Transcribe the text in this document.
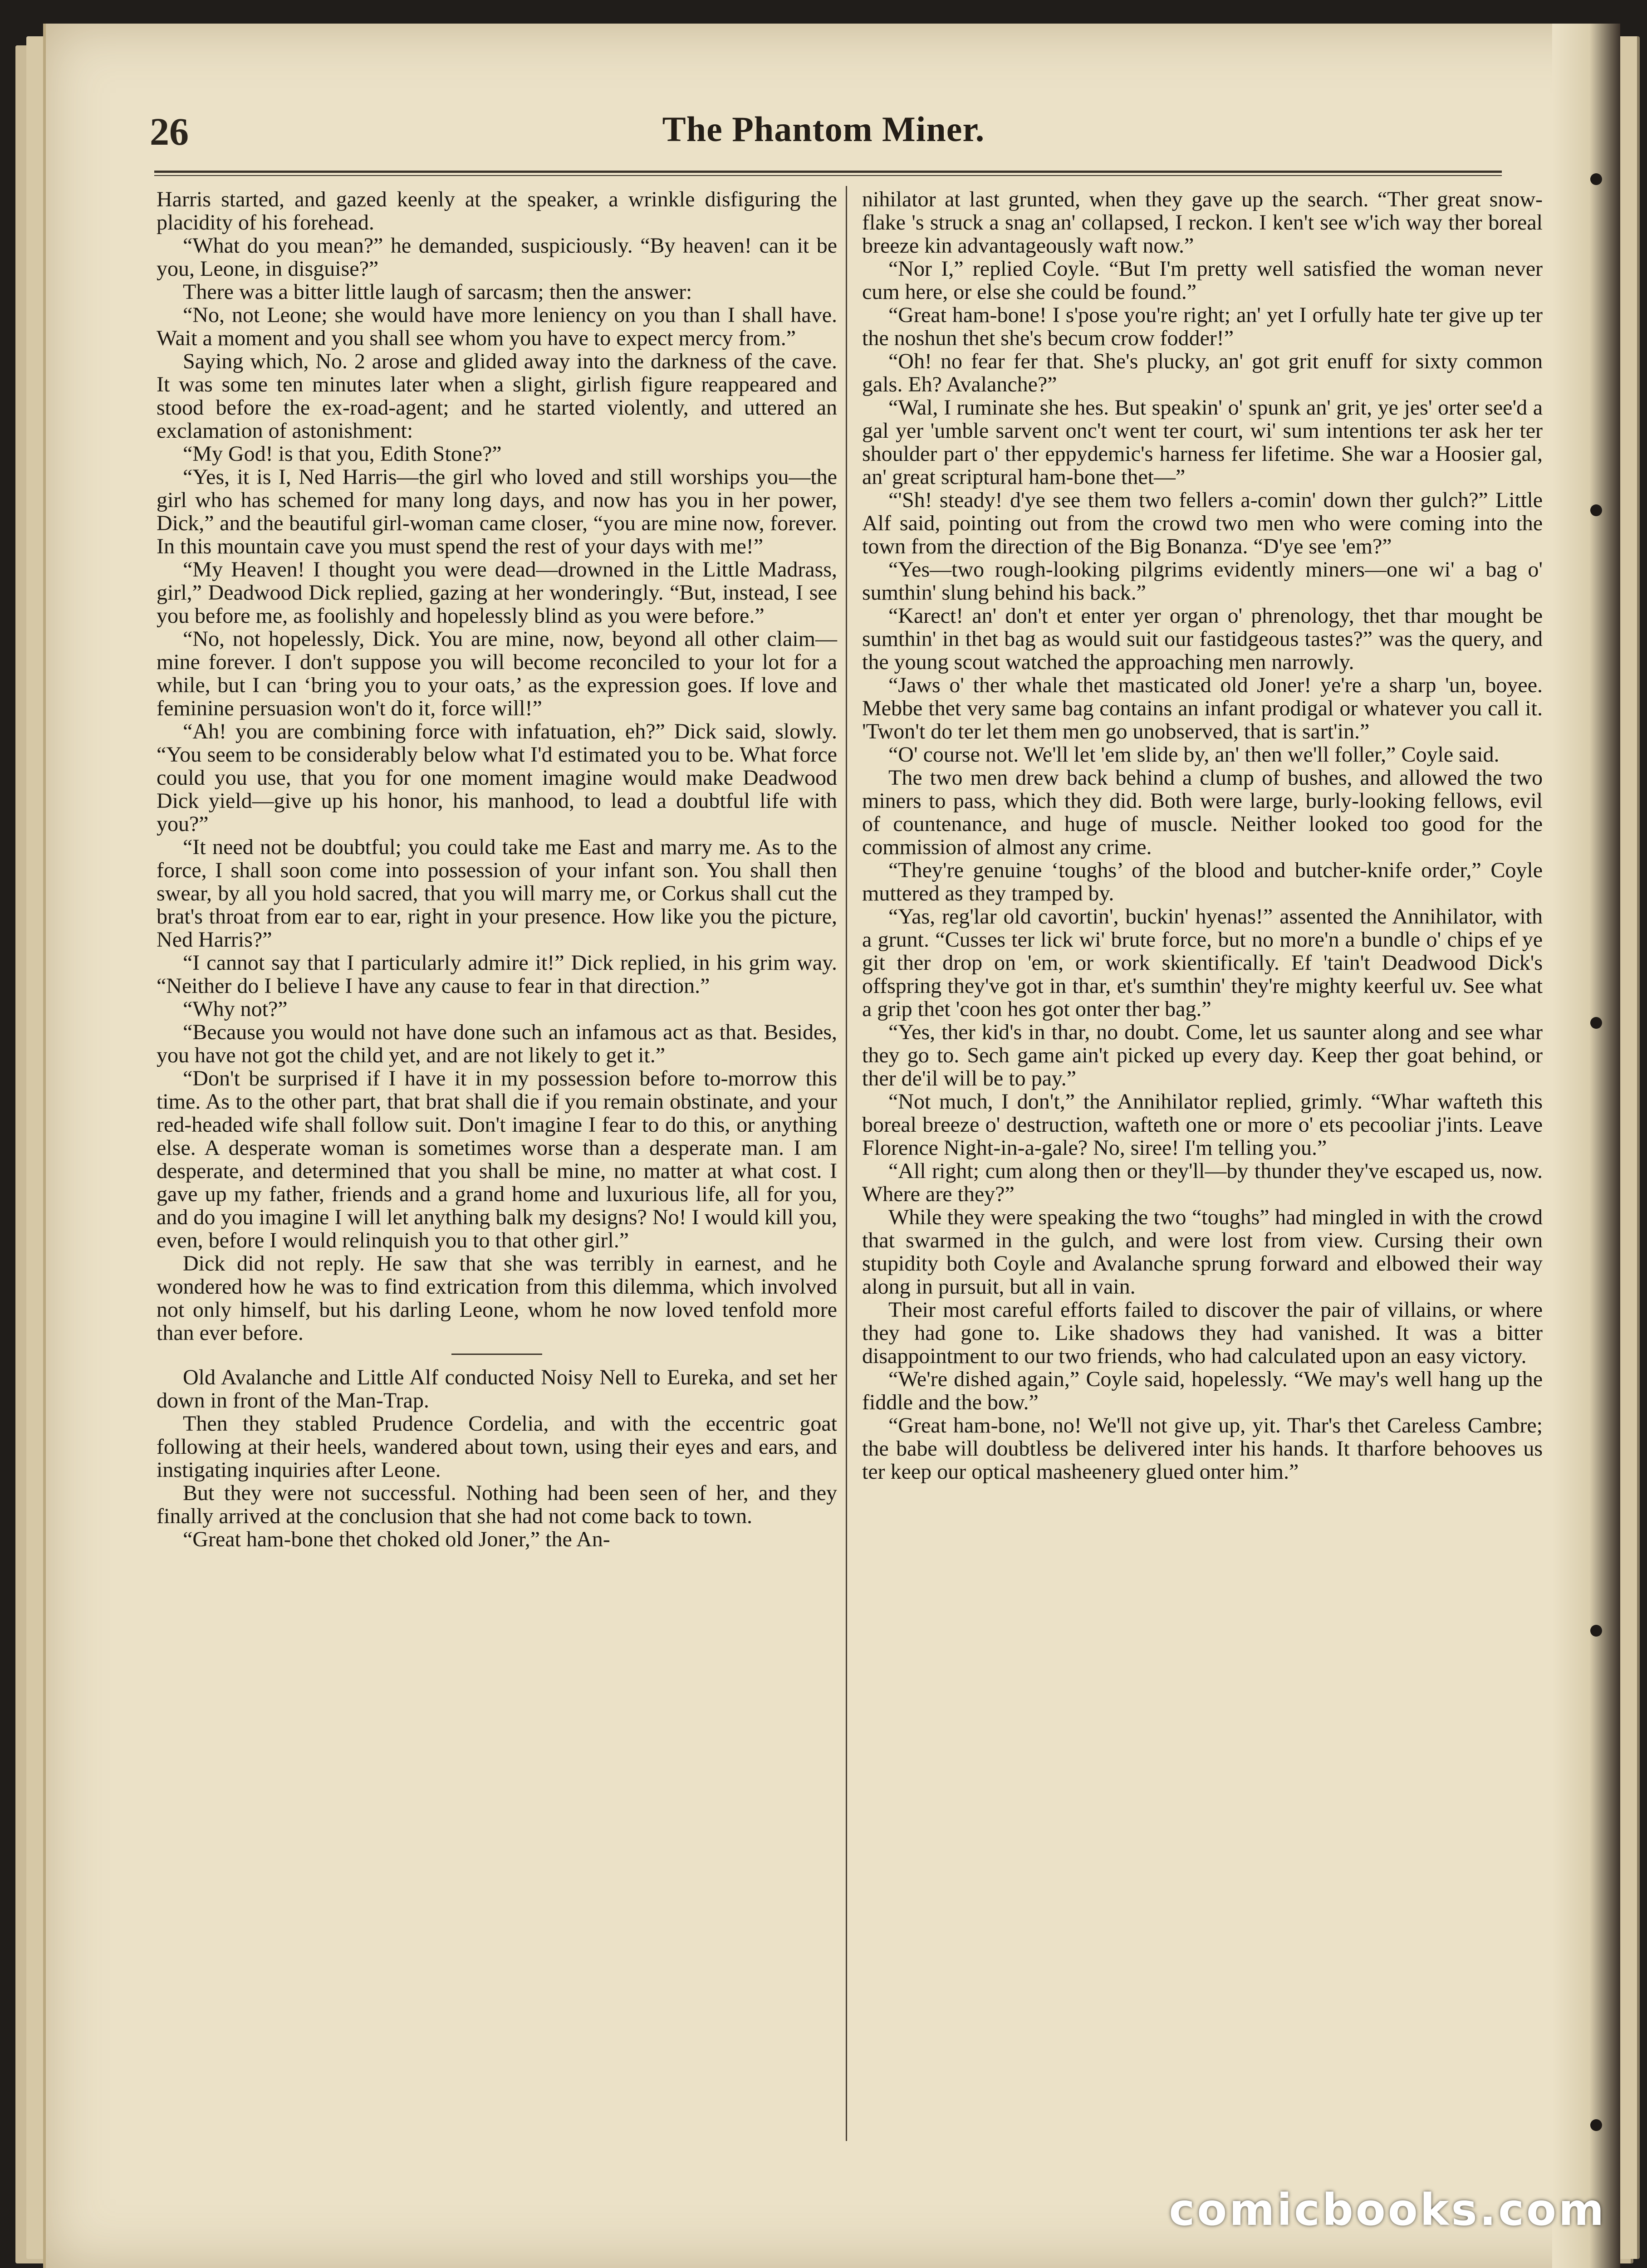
26	The Phantom Miner.

Harris started, and gazed keenly at the speaker, a wrinkle disfiguring the placidity of his forehead.

“What do you mean?” he demanded, suspiciously. “By heaven! can it be you, Leone, in disguise?”

There was a bitter little laugh of sarcasm; then the answer:

“No, not Leone; she would have more leniency on you than I shall have. Wait a moment and you shall see whom you have to expect mercy from.”

Saying which, No. 2 arose and glided away into the darkness of the cave. It was some ten minutes later when a slight, girlish figure reappeared and stood before the ex-road-agent; and he started violently, and uttered an exclamation of astonishment:

“My God! is that you, Edith Stone?”

“Yes, it is I, Ned Harris—the girl who loved and still worships you—the girl who has schemed for many long days, and now has you in her power, Dick,” and the beautiful girl-woman came closer, “you are mine now, forever. In this mountain cave you must spend the rest of your days with me!”

“My Heaven! I thought you were dead—drowned in the Little Madrass, girl,” Deadwood Dick replied, gazing at her wonderingly. “But, instead, I see you before me, as foolishly and hopelessly blind as you were before.”

“No, not hopelessly, Dick. You are mine, now, beyond all other claim—mine forever. I don't suppose you will become reconciled to your lot for a while, but I can ‘bring you to your oats,’ as the expression goes. If love and feminine persuasion won't do it, force will!”

“Ah! you are combining force with infatuation, eh?” Dick said, slowly. “You seem to be considerably below what I'd estimated you to be. What force could you use, that you for one moment imagine would make Deadwood Dick yield—give up his honor, his manhood, to lead a doubtful life with you?”

“It need not be doubtful; you could take me East and marry me. As to the force, I shall soon come into possession of your infant son. You shall then swear, by all you hold sacred, that you will marry me, or Corkus shall cut the brat's throat from ear to ear, right in your presence. How like you the picture, Ned Harris?”

“I cannot say that I particularly admire it!” Dick replied, in his grim way. “Neither do I believe I have any cause to fear in that direction.”

“Why not?”

“Because you would not have done such an infamous act as that. Besides, you have not got the child yet, and are not likely to get it.”

“Don't be surprised if I have it in my possession before to-morrow this time. As to the other part, that brat shall die if you remain obstinate, and your red-headed wife shall follow suit. Don't imagine I fear to do this, or anything else. A desperate woman is sometimes worse than a desperate man. I am desperate, and determined that you shall be mine, no matter at what cost. I gave up my father, friends and a grand home and luxurious life, all for you, and do you imagine I will let anything balk my designs? No! I would kill you, even, before I would relinquish you to that other girl.”

Dick did not reply. He saw that she was terribly in earnest, and he wondered how he was to find extrication from this dilemma, which involved not only himself, but his darling Leone, whom he now loved tenfold more than ever before.

Old Avalanche and Little Alf conducted Noisy Nell to Eureka, and set her down in front of the Man-Trap.

Then they stabled Prudence Cordelia, and with the eccentric goat following at their heels, wandered about town, using their eyes and ears, and instigating inquiries after Leone.

But they were not successful. Nothing had been seen of her, and they finally arrived at the conclusion that she had not come back to town.

“Great ham-bone thet choked old Joner,” the An-

nihilator at last grunted, when they gave up the search. “Ther great snow-flake 's struck a snag an' collapsed, I reckon. I ken't see w'ich way ther boreal breeze kin advantageously waft now.”

“Nor I,” replied Coyle. “But I'm pretty well satisfied the woman never cum here, or else she could be found.”

“Great ham-bone! I s'pose you're right; an' yet I orfully hate ter give up ter the noshun thet she's becum crow fodder!”

“Oh! no fear fer that. She's plucky, an' got grit enuff for sixty common gals. Eh? Avalanche?”

“Wal, I ruminate she hes. But speakin' o' spunk an' grit, ye jes' orter see'd a gal yer 'umble sarvent onc't went ter court, wi' sum intentions ter ask her ter shoulder part o' ther eppydemic's harness fer lifetime. She war a Hoosier gal, an' great scriptural ham-bone thet—”

“'Sh! steady! d'ye see them two fellers a-comin' down ther gulch?” Little Alf said, pointing out from the crowd two men who were coming into the town from the direction of the Big Bonanza. “D'ye see 'em?”

“Yes—two rough-looking pilgrims evidently miners—one wi' a bag o' sumthin' slung behind his back.”

“Karect! an' don't et enter yer organ o' phrenology, thet thar mought be sumthin' in thet bag as would suit our fastidgeous tastes?” was the query, and the young scout watched the approaching men narrowly.

“Jaws o' ther whale thet masticated old Joner! ye're a sharp 'un, boyee. Mebbe thet very same bag contains an infant prodigal or whatever you call it. 'Twon't do ter let them men go unobserved, that is sart'in.”

“O' course not. We'll let 'em slide by, an' then we'll foller,” Coyle said.

The two men drew back behind a clump of bushes, and allowed the two miners to pass, which they did. Both were large, burly-looking fellows, evil of countenance, and huge of muscle. Neither looked too good for the commission of almost any crime.

“They're genuine ‘toughs’ of the blood and butcher-knife order,” Coyle muttered as they tramped by.

“Yas, reg'lar old cavortin', buckin' hyenas!” assented the Annihilator, with a grunt. “Cusses ter lick wi' brute force, but no more'n a bundle o' chips ef ye git ther drop on 'em, or work skientifically. Ef 'tain't Deadwood Dick's offspring they've got in thar, et's sumthin' they're mighty keerful uv. See what a grip thet 'coon hes got onter ther bag.”

“Yes, ther kid's in thar, no doubt. Come, let us saunter along and see whar they go to. Sech game ain't picked up every day. Keep ther goat behind, or ther de'il will be to pay.”

“Not much, I don't,” the Annihilator replied, grimly. “Whar wafteth this boreal breeze o' destruction, wafteth one or more o' ets pecooliar j'ints. Leave Florence Night-in-a-gale? No, siree! I'm telling you.”

“All right; cum along then or they'll—by thunder they've escaped us, now. Where are they?”

While they were speaking the two “toughs” had mingled in with the crowd that swarmed in the gulch, and were lost from view. Cursing their own stupidity both Coyle and Avalanche sprung forward and elbowed their way along in pursuit, but all in vain.

Their most careful efforts failed to discover the pair of villains, or where they had gone to. Like shadows they had vanished. It was a bitter disappointment to our two friends, who had calculated upon an easy victory.

“We're dished again,” Coyle said, hopelessly. “We may's well hang up the fiddle and the bow.”

“Great ham-bone, no! We'll not give up, yit. Thar's thet Careless Cambre; the babe will doubtless be delivered inter his hands. It tharfore behooves us ter keep our optical masheenery glued onter him.”

comicbooks.com
